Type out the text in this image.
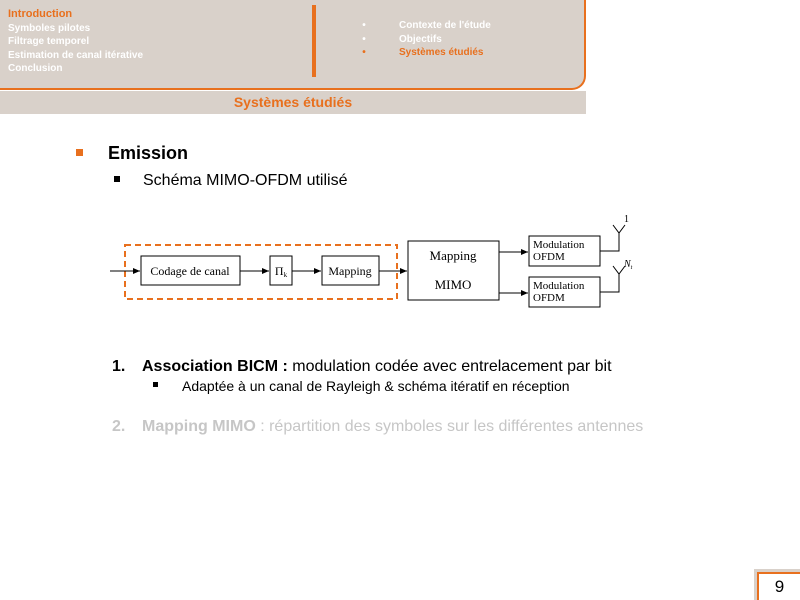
Introduction
Symboles pilotes
Filtrage temporel
Estimation de canal itérative
Conclusion
•	Contexte de l'étude
•	Objectifs
•	Systèmes étudiés
Systèmes étudiés
Emission
Schéma MIMO-OFDM utilisé
Codage de canal	Πk	Mapping
Mapping
MIMO
Modulation
OFDM
Modulation
OFDM
1
$N_t$
1. Association BICM : modulation codée avec entrelacement par bit
Adaptée à un canal de Rayleigh & schéma itératif en réception
2. Mapping MIMO : répartition des symboles sur les différentes antennes
9
